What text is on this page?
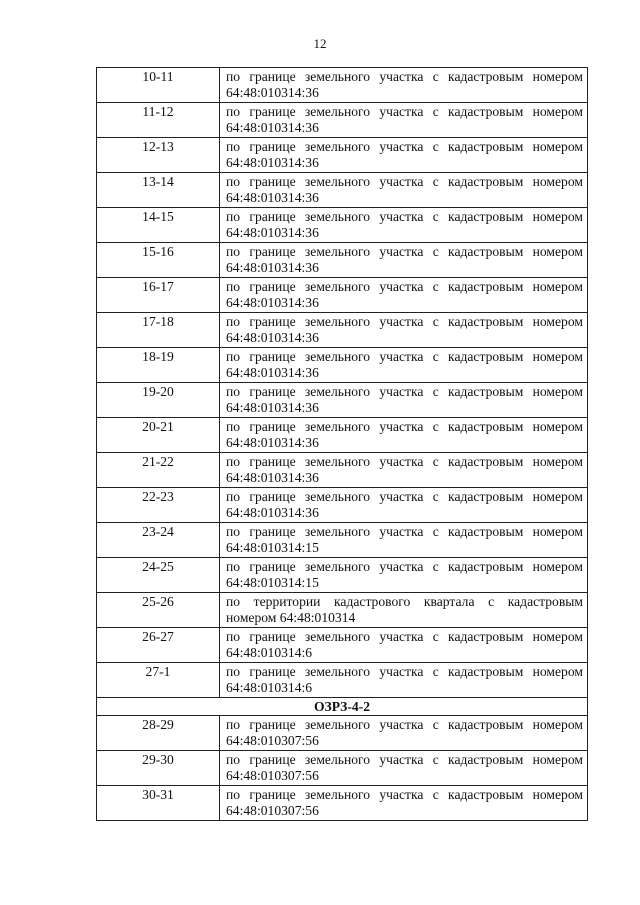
12
10-11	по границе земельного участка с кадастровым номером 64:48:010314:36
11-12	по границе земельного участка с кадастровым номером 64:48:010314:36
12-13	по границе земельного участка с кадастровым номером 64:48:010314:36
13-14	по границе земельного участка с кадастровым номером 64:48:010314:36
14-15	по границе земельного участка с кадастровым номером 64:48:010314:36
15-16	по границе земельного участка с кадастровым номером 64:48:010314:36
16-17	по границе земельного участка с кадастровым номером 64:48:010314:36
17-18	по границе земельного участка с кадастровым номером 64:48:010314:36
18-19	по границе земельного участка с кадастровым номером 64:48:010314:36
19-20	по границе земельного участка с кадастровым номером 64:48:010314:36
20-21	по границе земельного участка с кадастровым номером 64:48:010314:36
21-22	по границе земельного участка с кадастровым номером 64:48:010314:36
22-23	по границе земельного участка с кадастровым номером 64:48:010314:36
23-24	по границе земельного участка с кадастровым номером 64:48:010314:15
24-25	по границе земельного участка с кадастровым номером 64:48:010314:15
25-26	по территории кадастрового квартала с кадастровым номером 64:48:010314
26-27	по границе земельного участка с кадастровым номером 64:48:010314:6
27-1	по границе земельного участка с кадастровым номером 64:48:010314:6
ОЗРЗ-4-2	
28-29	по границе земельного участка с кадастровым номером 64:48:010307:56
29-30	по границе земельного участка с кадастровым номером 64:48:010307:56
30-31	по границе земельного участка с кадастровым номером 64:48:010307:56
